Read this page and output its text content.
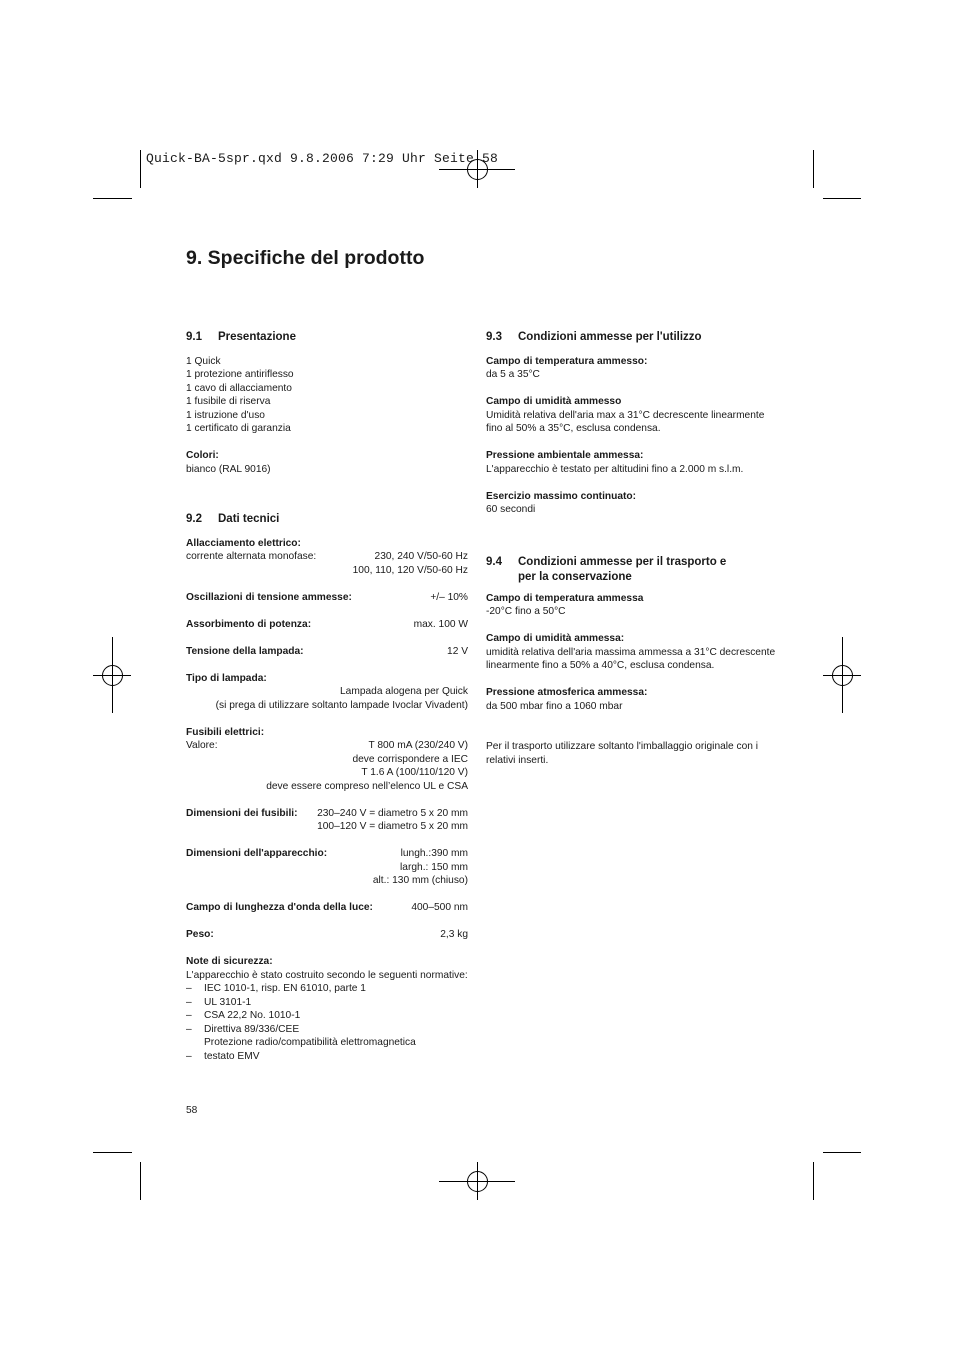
Quick-BA-5spr.qxd 9.8.2006 7:29 Uhr Seite 58
9. Specifiche del prodotto
9.1	Presentazione
1 Quick
1 protezione antiriflesso
1 cavo di allacciamento
1 fusibile di riserva
1 istruzione d'uso
1 certificato di garanzia
Colori:
bianco (RAL 9016)
9.2	Dati tecnici
Allacciamento elettrico:
corrente alternata monofase:	230, 240 V/50-60 Hz
100, 110, 120 V/50-60 Hz
Oscillazioni di tensione ammesse:	+/– 10%
Assorbimento di potenza:	max. 100 W
Tensione della lampada:	12 V
Tipo di lampada:
Lampada alogena per Quick
(si prega di utilizzare soltanto lampade Ivoclar Vivadent)
Fusibili elettrici:
Valore:	T 800 mA (230/240 V)
deve corrispondere a IEC
T 1.6 A (100/110/120 V)
deve essere compreso nell’elenco UL e CSA
Dimensioni dei fusibili: 230–240 V = diametro 5 x 20 mm
100–120 V = diametro 5 x 20 mm
Dimensioni dell'apparecchio:	lungh.:390 mm
largh.: 150 mm
alt.: 130 mm (chiuso)
Campo di lunghezza d'onda della luce:	400–500 nm
Peso:	2,3 kg
Note di sicurezza:
L'apparecchio è stato costruito secondo le seguenti normative:
–	IEC 1010-1, risp. EN 61010, parte 1
–	UL 3101-1
–	CSA 22,2 No. 1010-1
–	Direttiva 89/336/CEE
Protezione radio/compatibilità elettromagnetica
–	testato EMV
9.3	Condizioni ammesse per l'utilizzo
Campo di temperatura ammesso:
da 5 a 35°C
Campo di umidità ammesso
Umidità relativa dell'aria max a 31°C decrescente linearmente
fino al 50% a 35°C, esclusa condensa.
Pressione ambientale ammessa:
L'apparecchio è testato per altitudini fino a 2.000 m s.l.m.
Esercizio massimo continuato:
60 secondi
9.4	Condizioni ammesse per il trasporto e
per la conservazione
Campo di temperatura ammessa
-20°C fino a 50°C
Campo di umidità ammessa:
umidità relativa dell'aria massima ammessa a 31°C decrescente
linearmente fino a 50% a 40°C, esclusa condensa.
Pressione atmosferica ammessa:
da 500 mbar fino a 1060 mbar
Per il trasporto utilizzare soltanto l'imballaggio originale con i
relativi inserti.
58
